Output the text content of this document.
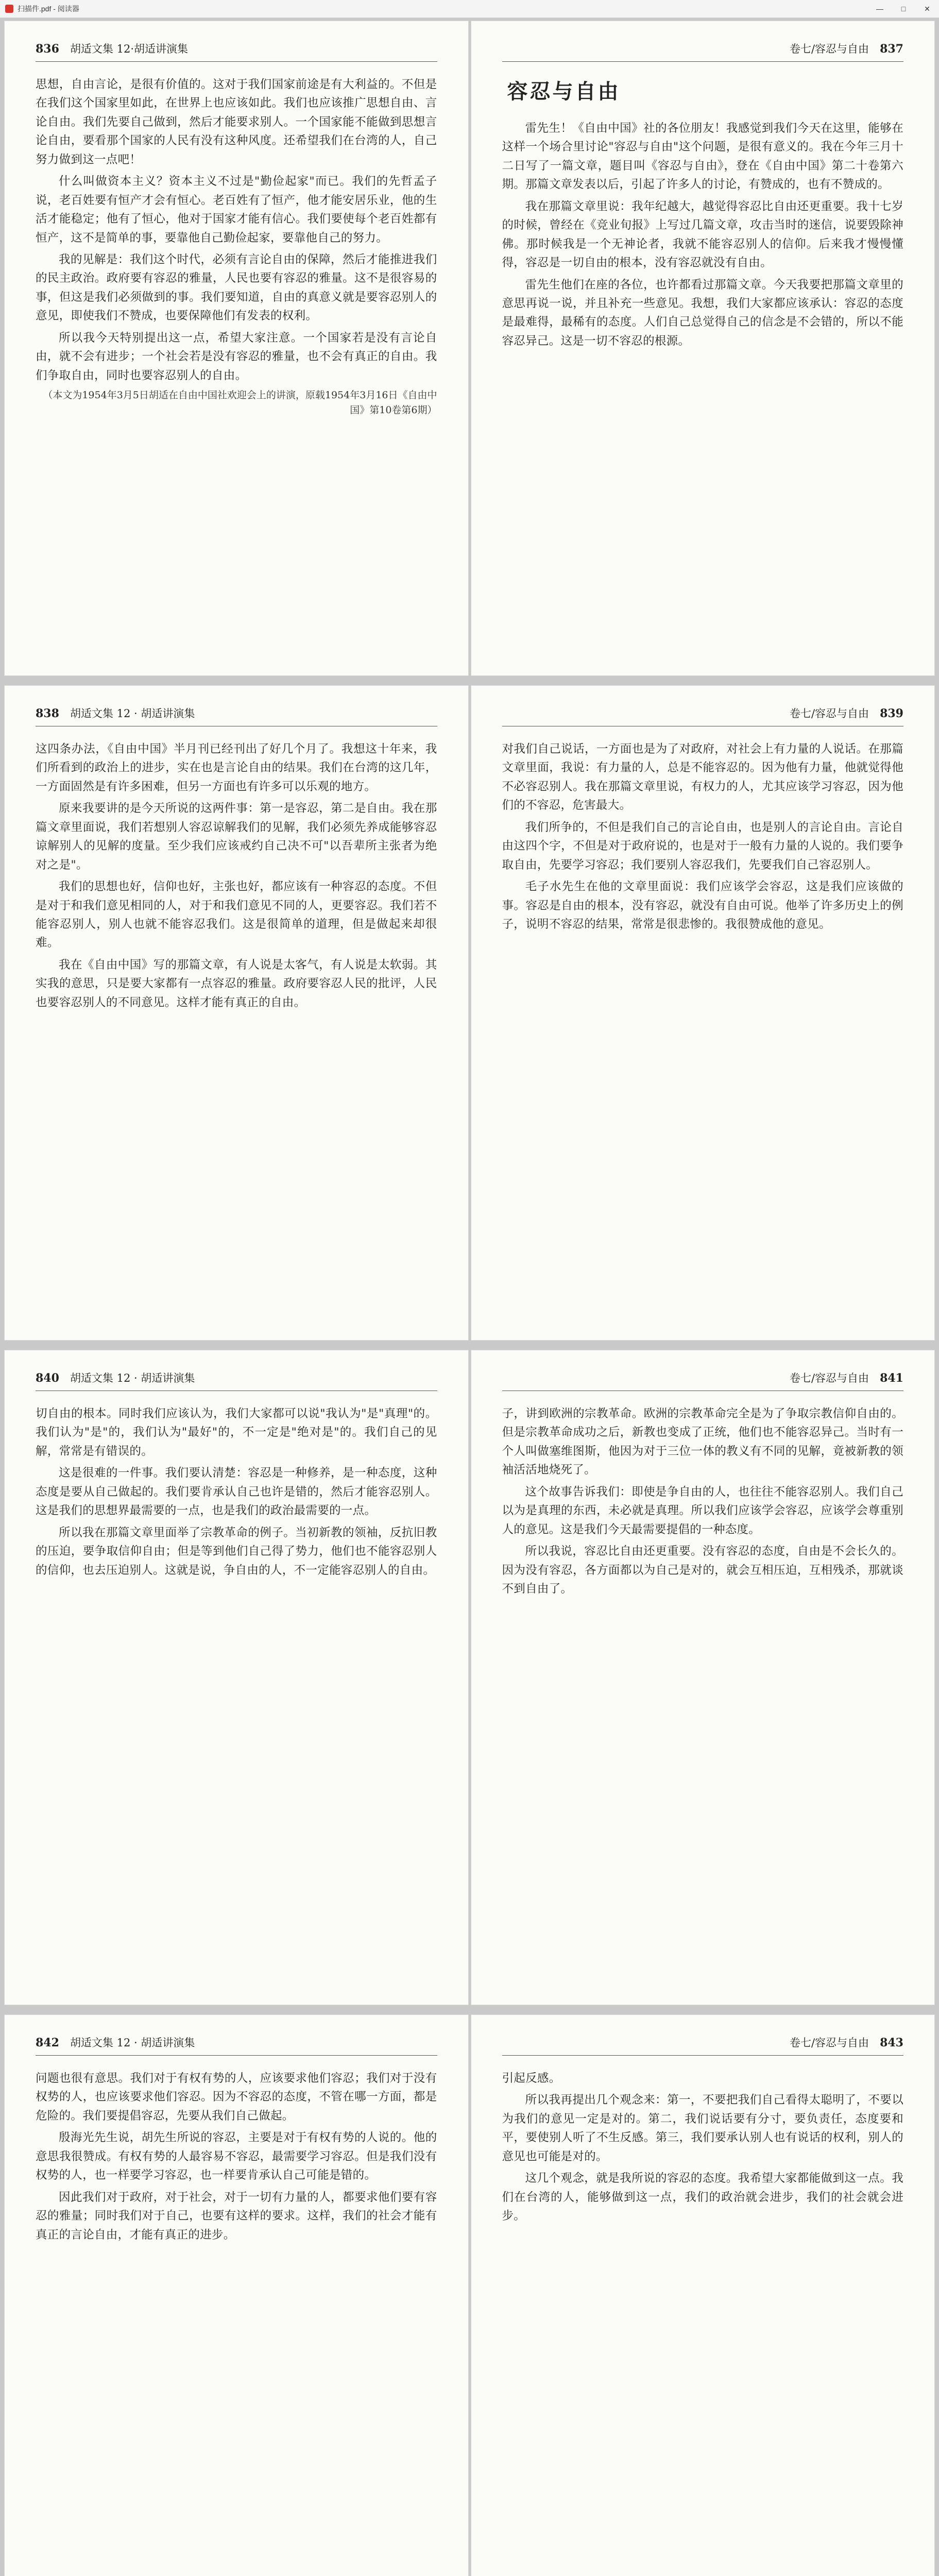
扫描件.pdf - 阅读器	—	□	✕
836　 胡适文集 12·胡适讲演集

思想，自由言论，是很有价值的。这对于我们国家前途是有大利益的。不但是在我们这个国家里如此，在世界上也应该如此。我们也应该推广思想自由、言论自由。我们先要自己做到，然后才能要求别人。一个国家能不能做到思想言论自由，要看那个国家的人民有没有这种风度。还希望我们在台湾的人，自己努力做到这一点吧！

什么叫做资本主义？资本主义不过是"勤俭起家"而已。我们的先哲孟子说，老百姓要有恒产才会有恒心。老百姓有了恒产，他才能安居乐业，他的生活才能稳定；他有了恒心，他对于国家才能有信心。我们要使每个老百姓都有恒产，这不是简单的事，要靠他自己勤俭起家，要靠他自己的努力。

我的见解是：我们这个时代，必须有言论自由的保障，然后才能推进我们的民主政治。政府要有容忍的雅量，人民也要有容忍的雅量。这不是很容易的事，但这是我们必须做到的事。我们要知道，自由的真意义就是要容忍别人的意见，即使我们不赞成，也要保障他们有发表的权利。

所以我今天特别提出这一点，希望大家注意。一个国家若是没有言论自由，就不会有进步；一个社会若是没有容忍的雅量，也不会有真正的自由。我们争取自由，同时也要容忍别人的自由。

（本文为1954年3月5日胡适在自由中国社欢迎会上的讲演，原载1954年3月16日《自由中国》第10卷第6期）

卷七/容忍与自由　 837
容忍与自由

雷先生！《自由中国》社的各位朋友！我感觉到我们今天在这里，能够在这样一个场合里讨论"容忍与自由"这个问题，是很有意义的。我在今年三月十二日写了一篇文章，题目叫《容忍与自由》，登在《自由中国》第二十卷第六期。那篇文章发表以后，引起了许多人的讨论，有赞成的，也有不赞成的。

我在那篇文章里说：我年纪越大，越觉得容忍比自由还更重要。我十七岁的时候，曾经在《竞业旬报》上写过几篇文章，攻击当时的迷信，说要毁除神佛。那时候我是一个无神论者，我就不能容忍别人的信仰。后来我才慢慢懂得，容忍是一切自由的根本，没有容忍就没有自由。

雷先生他们在座的各位，也许都看过那篇文章。今天我要把那篇文章里的意思再说一说，并且补充一些意见。我想，我们大家都应该承认：容忍的态度是最难得，最稀有的态度。人们自己总觉得自己的信念是不会错的，所以不能容忍异己。这是一切不容忍的根源。

838　 胡适文集 12 · 胡适讲演集

这四条办法，《自由中国》半月刊已经刊出了好几个月了。我想这十年来，我们所看到的政治上的进步，实在也是言论自由的结果。我们在台湾的这几年，一方面固然是有许多困难，但另一方面也有许多可以乐观的地方。

原来我要讲的是今天所说的这两件事：第一是容忍，第二是自由。我在那篇文章里面说，我们若想别人容忍谅解我们的见解，我们必须先养成能够容忍谅解别人的见解的度量。至少我们应该戒约自己决不可"以吾辈所主张者为绝对之是"。

我们的思想也好，信仰也好，主张也好，都应该有一种容忍的态度。不但是对于和我们意见相同的人，对于和我们意见不同的人，更要容忍。我们若不能容忍别人，别人也就不能容忍我们。这是很简单的道理，但是做起来却很难。

我在《自由中国》写的那篇文章，有人说是太客气，有人说是太软弱。其实我的意思，只是要大家都有一点容忍的雅量。政府要容忍人民的批评，人民也要容忍别人的不同意见。这样才能有真正的自由。

卷七/容忍与自由　 839

对我们自己说话，一方面也是为了对政府，对社会上有力量的人说话。在那篇文章里面，我说：有力量的人，总是不能容忍的。因为他有力量，他就觉得他不必容忍别人。我在那篇文章里说，有权力的人，尤其应该学习容忍，因为他们的不容忍，危害最大。

我们所争的，不但是我们自己的言论自由，也是别人的言论自由。言论自由这四个字，不但是对于政府说的，也是对于一般有力量的人说的。我们要争取自由，先要学习容忍；我们要别人容忍我们，先要我们自己容忍别人。

毛子水先生在他的文章里面说：我们应该学会容忍，这是我们应该做的事。容忍是自由的根本，没有容忍，就没有自由可说。他举了许多历史上的例子，说明不容忍的结果，常常是很悲惨的。我很赞成他的意见。

840　 胡适文集 12 · 胡适讲演集

切自由的根本。同时我们应该认为，我们大家都可以说"我认为"是"真理"的。我们认为"是"的，我们认为"最好"的，不一定是"绝对是"的。我们自己的见解，常常是有错误的。

这是很难的一件事。我们要认清楚：容忍是一种修养，是一种态度，这种态度是要从自己做起的。我们要肯承认自己也许是错的，然后才能容忍别人。这是我们的思想界最需要的一点，也是我们的政治最需要的一点。

所以我在那篇文章里面举了宗教革命的例子。当初新教的领袖，反抗旧教的压迫，要争取信仰自由；但是等到他们自己得了势力，他们也不能容忍别人的信仰，也去压迫别人。这就是说，争自由的人，不一定能容忍别人的自由。

卷七/容忍与自由　 841

子，讲到欧洲的宗教革命。欧洲的宗教革命完全是为了争取宗教信仰自由的。但是宗教革命成功之后，新教也变成了正统，他们也不能容忍异己。当时有一个人叫做塞维图斯，他因为对于三位一体的教义有不同的见解，竟被新教的领袖活活地烧死了。

这个故事告诉我们：即使是争自由的人，也往往不能容忍别人。我们自己以为是真理的东西，未必就是真理。所以我们应该学会容忍，应该学会尊重别人的意见。这是我们今天最需要提倡的一种态度。

所以我说，容忍比自由还更重要。没有容忍的态度，自由是不会长久的。因为没有容忍，各方面都以为自己是对的，就会互相压迫，互相残杀，那就谈不到自由了。

842　 胡适文集 12 · 胡适讲演集

问题也很有意思。我们对于有权有势的人，应该要求他们容忍；我们对于没有权势的人，也应该要求他们容忍。因为不容忍的态度，不管在哪一方面，都是危险的。我们要提倡容忍，先要从我们自己做起。

殷海光先生说，胡先生所说的容忍，主要是对于有权有势的人说的。他的意思我很赞成。有权有势的人最容易不容忍，最需要学习容忍。但是我们没有权势的人，也一样要学习容忍，也一样要肯承认自己可能是错的。

因此我们对于政府，对于社会，对于一切有力量的人，都要求他们要有容忍的雅量；同时我们对于自己，也要有这样的要求。这样，我们的社会才能有真正的言论自由，才能有真正的进步。

卷七/容忍与自由　 843

引起反感。

所以我再提出几个观念来：第一，不要把我们自己看得太聪明了，不要以为我们的意见一定是对的。第二，我们说话要有分寸，要负责任，态度要和平，要使别人听了不生反感。第三，我们要承认别人也有说话的权利，别人的意见也可能是对的。

这几个观念，就是我所说的容忍的态度。我希望大家都能做到这一点。我们在台湾的人，能够做到这一点，我们的政治就会进步，我们的社会就会进步。
